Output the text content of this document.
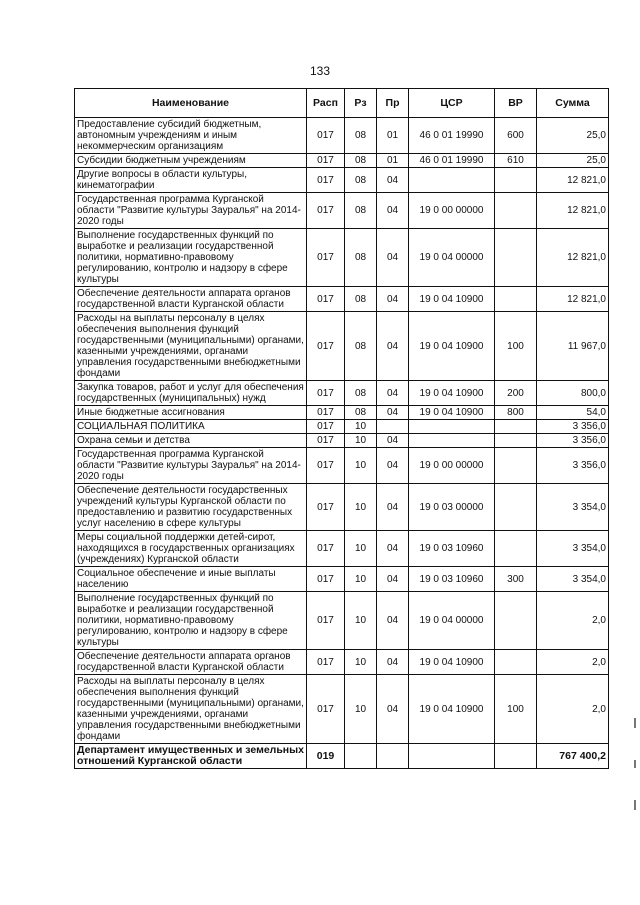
133
Наименование	Расп	Рз	Пр	ЦСР	ВР	Сумма
Предоставление субсидий бюджетным, автономным учреждениям и иным некоммерческим организациям	017	08	01	46 0 01 19990	600	25,0
Субсидии бюджетным учреждениям	017	08	01	46 0 01 19990	610	25,0
Другие вопросы в области культуры, кинематографии	017	08	04			12 821,0
Государственная программа Курганской области "Развитие культуры Зауралья" на 2014-2020 годы	017	08	04	19 0 00 00000		12 821,0
Выполнение государственных функций по выработке и реализации государственной политики, нормативно-правовому регулированию, контролю и надзору в сфере культуры	017	08	04	19 0 04 00000		12 821,0
Обеспечение деятельности аппарата органов государственной власти Курганской области	017	08	04	19 0 04 10900		12 821,0
Расходы на выплаты персоналу в целях обеспечения выполнения функций государственными (муниципальными) органами, казенными учреждениями, органами управления государственными внебюджетными фондами	017	08	04	19 0 04 10900	100	11 967,0
Закупка товаров, работ и услуг для обеспечения государственных (муниципальных) нужд	017	08	04	19 0 04 10900	200	800,0
Иные бюджетные ассигнования	017	08	04	19 0 04 10900	800	54,0
СОЦИАЛЬНАЯ ПОЛИТИКА	017	10				3 356,0
Охрана семьи и детства	017	10	04			3 356,0
Государственная программа Курганской области "Развитие культуры Зауралья" на 2014-2020 годы	017	10	04	19 0 00 00000		3 356,0
Обеспечение деятельности государственных учреждений культуры Курганской области по предоставлению и развитию государственных услуг населению в сфере культуры	017	10	04	19 0 03 00000		3 354,0
Меры социальной поддержки детей-сирот, находящихся в государственных организациях (учреждениях) Курганской области	017	10	04	19 0 03 10960		3 354,0
Социальное обеспечение и иные выплаты населению	017	10	04	19 0 03 10960	300	3 354,0
Выполнение государственных функций по выработке и реализации государственной политики, нормативно-правовому регулированию, контролю и надзору в сфере культуры	017	10	04	19 0 04 00000		2,0
Обеспечение деятельности аппарата органов государственной власти Курганской области	017	10	04	19 0 04 10900		2,0
Расходы на выплаты персоналу в целях обеспечения выполнения функций государственными (муниципальными) органами, казенными учреждениями, органами управления государственными внебюджетными фондами	017	10	04	19 0 04 10900	100	2,0
Департамент имущественных и земельных отношений Курганской области	019					767 400,2
